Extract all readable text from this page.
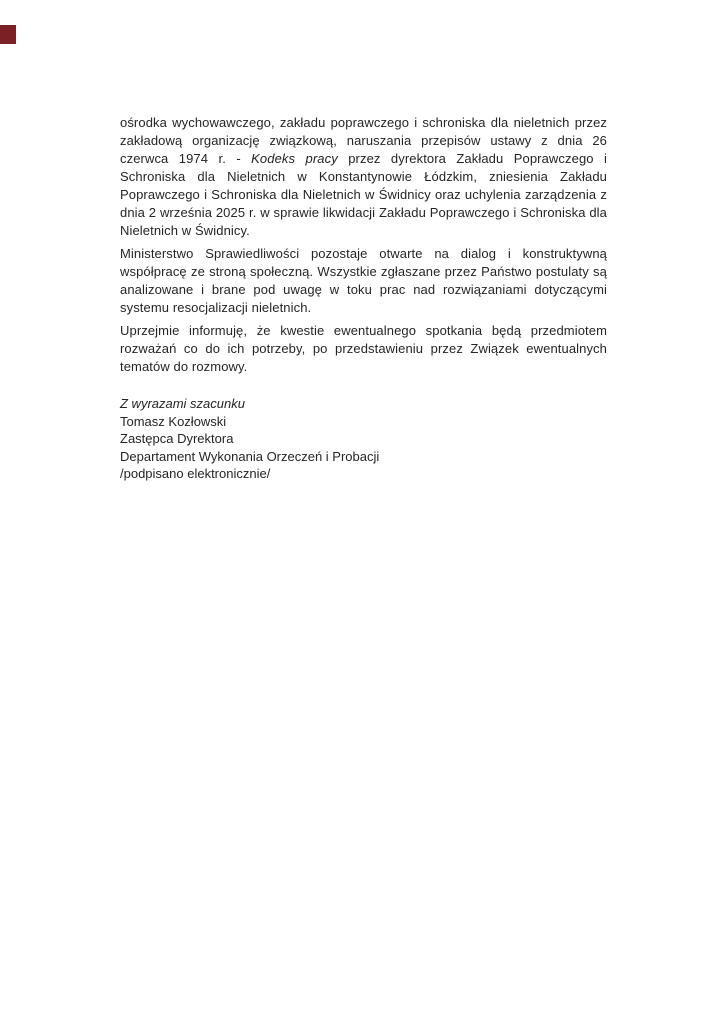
ośrodka wychowawczego, zakładu poprawczego i schroniska dla nieletnich przez zakładową organizację związkową, naruszania przepisów ustawy z dnia 26 czerwca 1974 r. - Kodeks pracy przez dyrektora Zakładu Poprawczego i Schroniska dla Nieletnich w Konstantynowie Łódzkim, zniesienia Zakładu Poprawczego i Schroniska dla Nieletnich w Świdnicy oraz uchylenia zarządzenia z dnia 2 września 2025 r. w sprawie likwidacji Zakładu Poprawczego i Schroniska dla Nieletnich w Świdnicy.

Ministerstwo Sprawiedliwości pozostaje otwarte na dialog i konstruktywną współpracę ze stroną społeczną. Wszystkie zgłaszane przez Państwo postulaty są analizowane i brane pod uwagę w toku prac nad rozwiązaniami dotyczącymi systemu resocjalizacji nieletnich.

Uprzejmie informuję, że kwestie ewentualnego spotkania będą przedmiotem rozważań co do ich potrzeby, po przedstawieniu przez Związek ewentualnych tematów do rozmowy.

Z wyrazami szacunku

Tomasz Kozłowski

Zastępca Dyrektora

Departament Wykonania Orzeczeń i Probacji

/podpisano elektronicznie/
